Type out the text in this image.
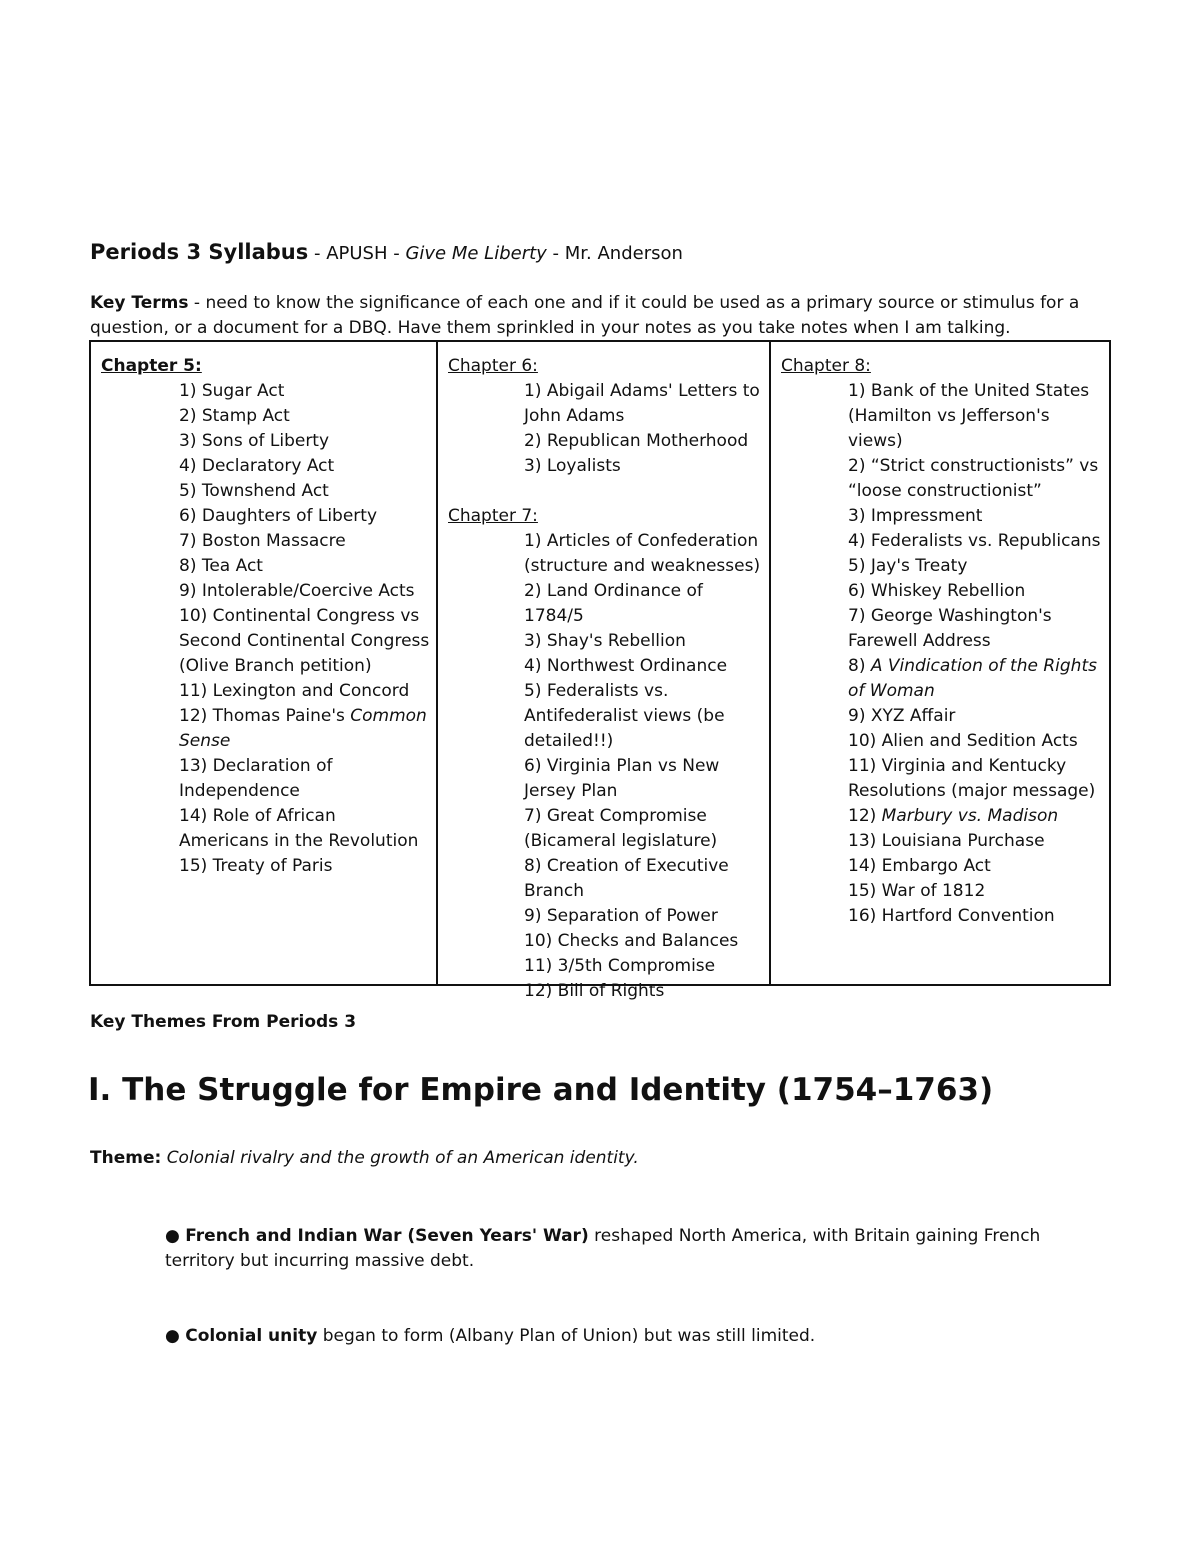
Periods 3 Syllabus - APUSH - Give Me Liberty - Mr. Anderson
Key Terms - need to know the significance of each one and if it could be used as a primary source or stimulus for a question, or a document for a DBQ. Have them sprinkled in your notes as you take notes when I am talking.

Chapter 5:

1) Sugar Act
2) Stamp Act
3) Sons of Liberty
4) Declaratory Act
5) Townshend Act
6) Daughters of Liberty
7) Boston Massacre
8) Tea Act
9) Intolerable/Coercive Acts
10) Continental Congress vs Second Continental Congress (Olive Branch petition)
11) Lexington and Concord
12) Thomas Paine's Common Sense
13) Declaration of Independence
14) Role of African Americans in the Revolution
15) Treaty of Paris

Chapter 6:

1) Abigail Adams' Letters to John Adams
2) Republican Motherhood
3) Loyalists

Chapter 7:

1) Articles of Confederation (structure and weaknesses)
2) Land Ordinance of 1784/5
3) Shay's Rebellion
4) Northwest Ordinance
5) Federalists vs. Antifederalist views (be detailed!!)
6) Virginia Plan vs New Jersey Plan
7) Great Compromise (Bicameral legislature)
8) Creation of Executive Branch
9) Separation of Power
10) Checks and Balances
11) 3/5th Compromise
12) Bill of Rights

Chapter 8:

1) Bank of the United States (Hamilton vs Jefferson's views)
2) “Strict constructionists” vs “loose constructionist”
3) Impressment
4) Federalists vs. Republicans
5) Jay's Treaty
6) Whiskey Rebellion
7) George Washington's Farewell Address
8) A Vindication of the Rights of Woman
9) XYZ Affair
10) Alien and Sedition Acts
11) Virginia and Kentucky Resolutions (major message)
12) Marbury vs. Madison
13) Louisiana Purchase
14) Embargo Act
15) War of 1812
16) Hartford Convention
Key Themes From Periods 3
I. The Struggle for Empire and Identity (1754–1763)
Theme: Colonial rivalry and the growth of an American identity.
● French and Indian War (Seven Years' War) reshaped North America, with Britain gaining French territory but incurring massive debt.
● Colonial unity began to form (Albany Plan of Union) but was still limited.
